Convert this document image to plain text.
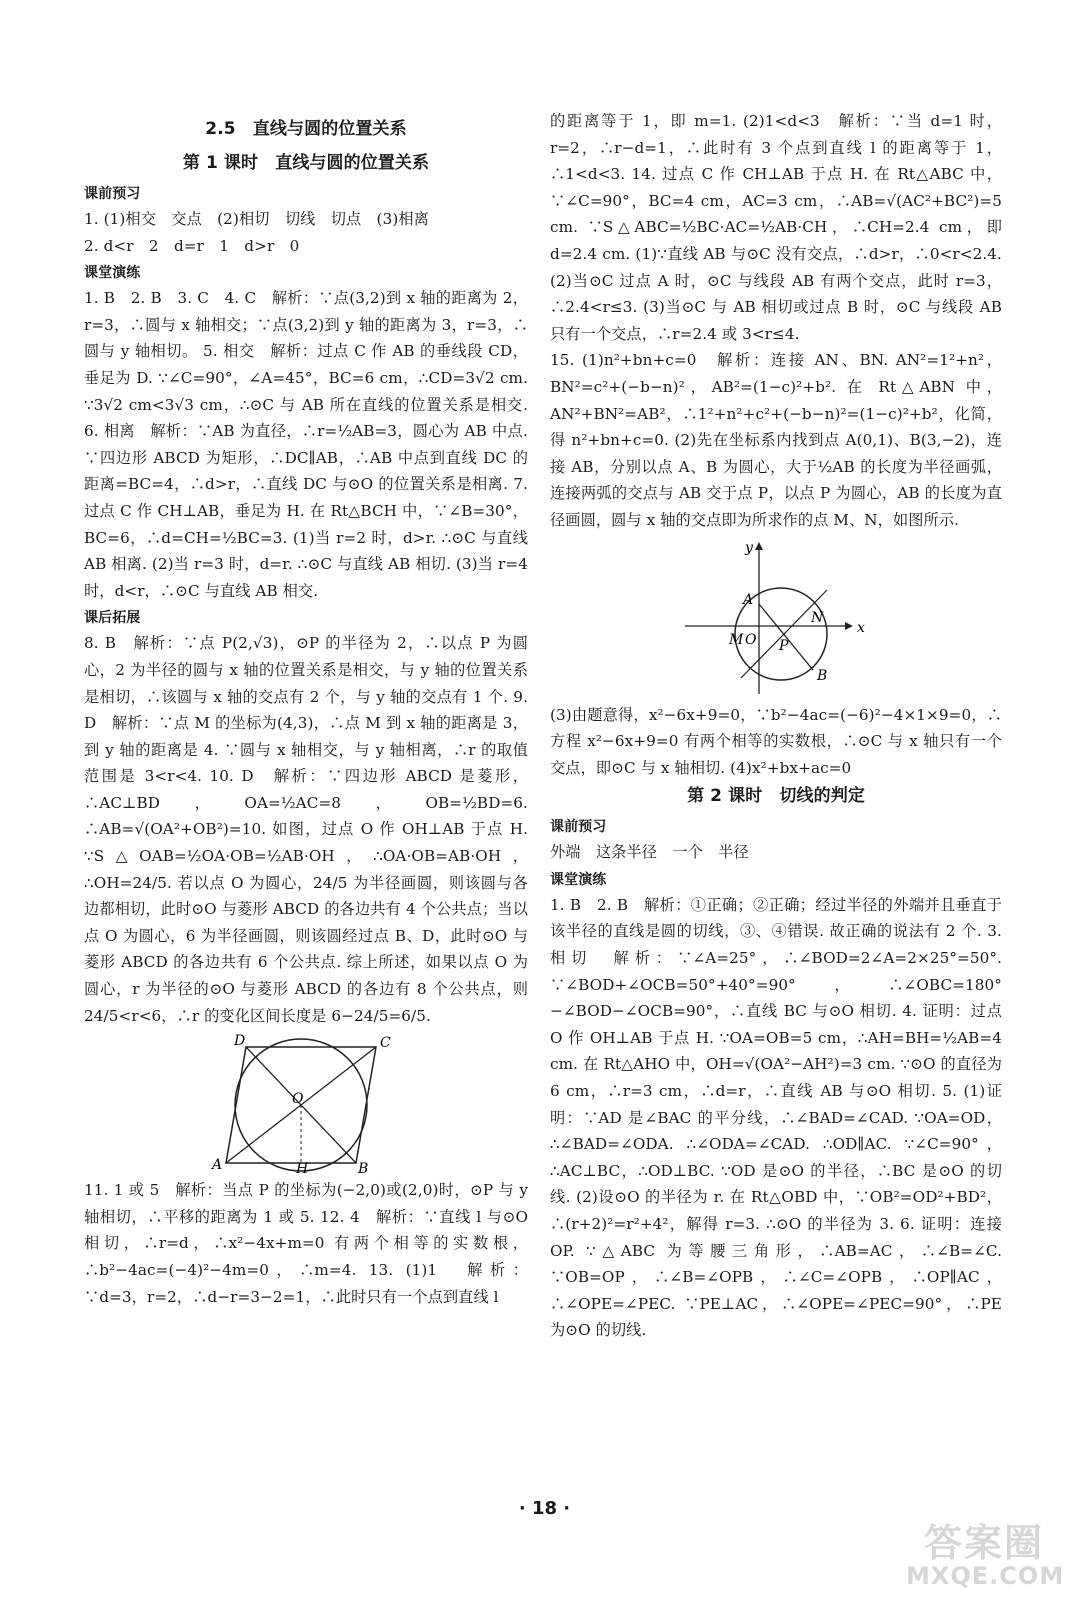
2.5　直线与圆的位置关系
第 1 课时　直线与圆的位置关系
课前预习

1. (1)相交　交点　(2)相切　切线　切点　(3)相离

2. d<r　2　d=r　1　d>r　0

课堂演练

1. B　2. B　3. C　4. C　解析：∵点(3,2)到 x 轴的距离为 2，r=3，∴圆与 x 轴相交；∵点(3,2)到 y 轴的距离为 3，r=3，∴圆与 y 轴相切。 5. 相交　解析：过点 C 作 AB 的垂线段 CD，垂足为 D. ∵∠C=90°，∠A=45°，BC=6 cm，∴CD=3√2 cm. ∵3√2 cm<3√3 cm，∴⊙C 与 AB 所在直线的位置关系是相交. 6. 相离　解析：∵AB 为直径，∴r=½AB=3，圆心为 AB 中点. ∵四边形 ABCD 为矩形，∴DC∥AB，∴AB 中点到直线 DC 的距离=BC=4，∴d>r，∴直线 DC 与⊙O 的位置关系是相离. 7. 过点 C 作 CH⊥AB，垂足为 H. 在 Rt△BCH 中，∵∠B=30°，BC=6，∴d=CH=½BC=3. (1)当 r=2 时，d>r. ∴⊙C 与直线 AB 相离. (2)当 r=3 时，d=r. ∴⊙C 与直线 AB 相切. (3)当 r=4 时，d<r，∴⊙C 与直线 AB 相交.

课后拓展

8. B　解析：∵点 P(2,√3)，⊙P 的半径为 2，∴以点 P 为圆心，2 为半径的圆与 x 轴的位置关系是相交，与 y 轴的位置关系是相切，∴该圆与 x 轴的交点有 2 个，与 y 轴的交点有 1 个. 9. D　解析：∵点 M 的坐标为(4,3)，∴点 M 到 x 轴的距离是 3，到 y 轴的距离是 4. ∵圆与 x 轴相交，与 y 轴相离，∴r 的取值范围是 3<r<4. 10. D　解析：∵四边形 ABCD 是菱形，∴AC⊥BD，OA=½AC=8，OB=½BD=6. ∴AB=√(OA²+OB²)=10. 如图，过点 O 作 OH⊥AB 于点 H. ∵S△OAB=½OA·OB=½AB·OH，∴OA·OB=AB·OH，∴OH=24/5. 若以点 O 为圆心，24/5 为半径画圆，则该圆与各边都相切，此时⊙O 与菱形 ABCD 的各边共有 4 个公共点；当以点 O 为圆心，6 为半径画圆，则该圆经过点 B、D，此时⊙O 与菱形 ABCD 的各边共有 6 个公共点. 综上所述，如果以点 O 为圆心，r 为半径的⊙O 与菱形 ABCD 的各边有 8 个公共点，则 24/5<r<6，∴r 的变化区间长度是 6−24/5=6/5.

D	C
O
A	H	B

11. 1 或 5　解析：当点 P 的坐标为(−2,0)或(2,0)时，⊙P 与 y 轴相切，∴平移的距离为 1 或 5. 12. 4　解析：∵直线 l 与⊙O 相切，∴r=d，∴x²−4x+m=0 有两个相等的实数根，∴b²−4ac=(−4)²−4m=0，∴m=4. 13. (1)1　解析：∵d=3，r=2，∴d−r=3−2=1，∴此时只有一个点到直线 l

的距离等于 1，即 m=1. (2)1<d<3　解析：∵当 d=1 时，r=2，∴r−d=1，∴此时有 3 个点到直线 l 的距离等于 1，∴1<d<3. 14. 过点 C 作 CH⊥AB 于点 H. 在 Rt△ABC 中，∵∠C=90°，BC=4 cm，AC=3 cm，∴AB=√(AC²+BC²)=5 cm. ∵S△ABC=½BC·AC=½AB·CH，∴CH=2.4 cm，即 d=2.4 cm. (1)∵直线 AB 与⊙C 没有交点，∴d>r，∴0<r<2.4. (2)当⊙C 过点 A 时，⊙C 与线段 AB 有两个交点，此时 r=3，∴2.4<r≤3. (3)当⊙C 与 AB 相切或过点 B 时，⊙C 与线段 AB 只有一个交点，∴r=2.4 或 3<r≤4.

15. (1)n²+bn+c=0　解析：连接 AN、BN. AN²=1²+n²，BN²=c²+(−b−n)²，AB²=(1−c)²+b². 在 Rt△ABN 中，AN²+BN²=AB²，∴1²+n²+c²+(−b−n)²=(1−c)²+b²，化简，得 n²+bn+c=0. (2)先在坐标系内找到点 A(0,1)、B(3,−2)，连接 AB，分别以点 A、B 为圆心，大于½AB 的长度为半径画弧，连接两弧的交点与 AB 交于点 P，以点 P 为圆心，AB 的长度为直径画圆，圆与 x 轴的交点即为所求作的点 M、N，如图所示.

y
x
A
M O P
N
B

(3)由题意得，x²−6x+9=0，∵b²−4ac=(−6)²−4×1×9=0，∴方程 x²−6x+9=0 有两个相等的实数根，∴⊙C 与 x 轴只有一个交点，即⊙C 与 x 轴相切. (4)x²+bx+ac=0

第 2 课时　切线的判定
课前预习

外端　这条半径　一个　半径

课堂演练

1. B　2. B　解析：①正确；②正确；经过半径的外端并且垂直于该半径的直线是圆的切线，③、④错误. 故正确的说法有 2 个. 3. 相切　解析：∵∠A=25°，∴∠BOD=2∠A=2×25°=50°. ∵∠BOD+∠OCB=50°+40°=90°，∴∠OBC=180°−∠BOD−∠OCB=90°，∴直线 BC 与⊙O 相切. 4. 证明：过点 O 作 OH⊥AB 于点 H. ∵OA=OB=5 cm，∴AH=BH=½AB=4 cm. 在 Rt△AHO 中，OH=√(OA²−AH²)=3 cm. ∵⊙O 的直径为 6 cm，∴r=3 cm，∴d=r，∴直线 AB 与⊙O 相切. 5. (1)证明：∵AD 是∠BAC 的平分线，∴∠BAD=∠CAD. ∵OA=OD，∴∠BAD=∠ODA. ∴∠ODA=∠CAD. ∴OD∥AC. ∵∠C=90°，∴AC⊥BC，∴OD⊥BC. ∵OD 是⊙O 的半径，∴BC 是⊙O 的切线. (2)设⊙O 的半径为 r. 在 Rt△OBD 中，∵OB²=OD²+BD²，∴(r+2)²=r²+4²，解得 r=3. ∴⊙O 的半径为 3. 6. 证明：连接 OP. ∵△ABC 为等腰三角形，∴AB=AC，∴∠B=∠C. ∵OB=OP，∴∠B=∠OPB，∴∠C=∠OPB，∴OP∥AC，∴∠OPE=∠PEC. ∵PE⊥AC，∴∠OPE=∠PEC=90°，∴PE 为⊙O 的切线.

· 18 ·
答案圈
MXQE.COM
